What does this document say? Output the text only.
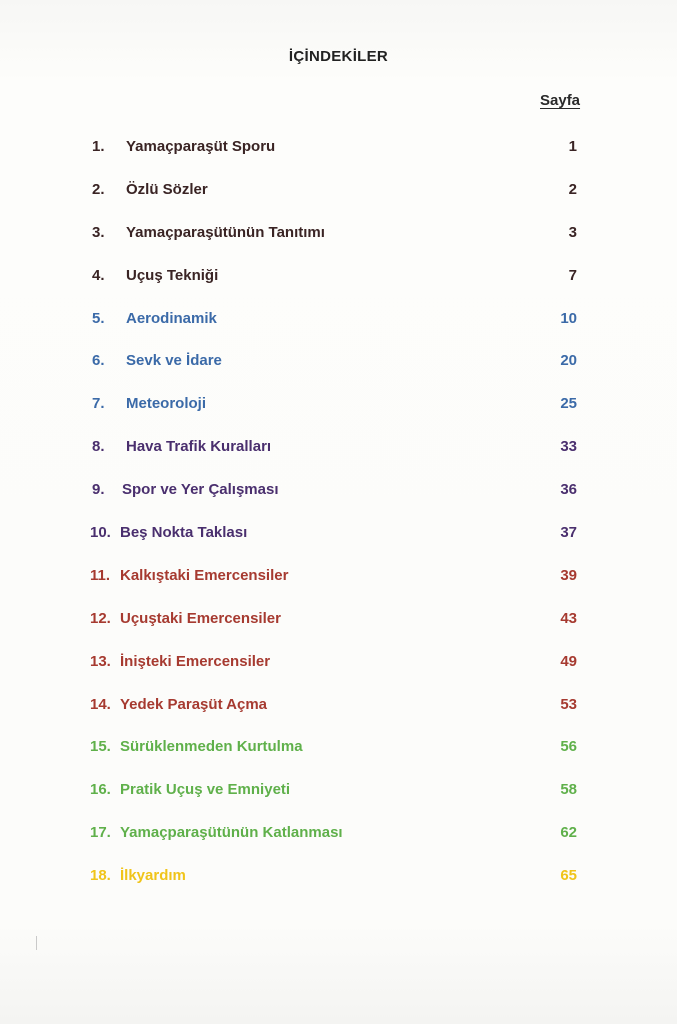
İÇİNDEKİLER
Sayfa
1. Yamaçparaşüt Sporu	1
2. Özlü Sözler	2
3. Yamaçparaşütünün Tanıtımı	3
4. Uçuş Tekniği	7
5. Aerodinamik	10
6. Sevk ve İdare	20
7. Meteoroloji	25
8. Hava Trafik Kuralları	33
9. Spor ve Yer Çalışması	36
10. Beş Nokta Taklası	37
11. Kalkıştaki Emercensiler	39
12. Uçuştaki Emercensiler	43
13. İnişteki Emercensiler	49
14. Yedek Paraşüt Açma	53
15. Sürüklenmeden Kurtulma	56
16. Pratik Uçuş ve Emniyeti	58
17. Yamaçparaşütünün Katlanması	62
18. İlkyardım	65
